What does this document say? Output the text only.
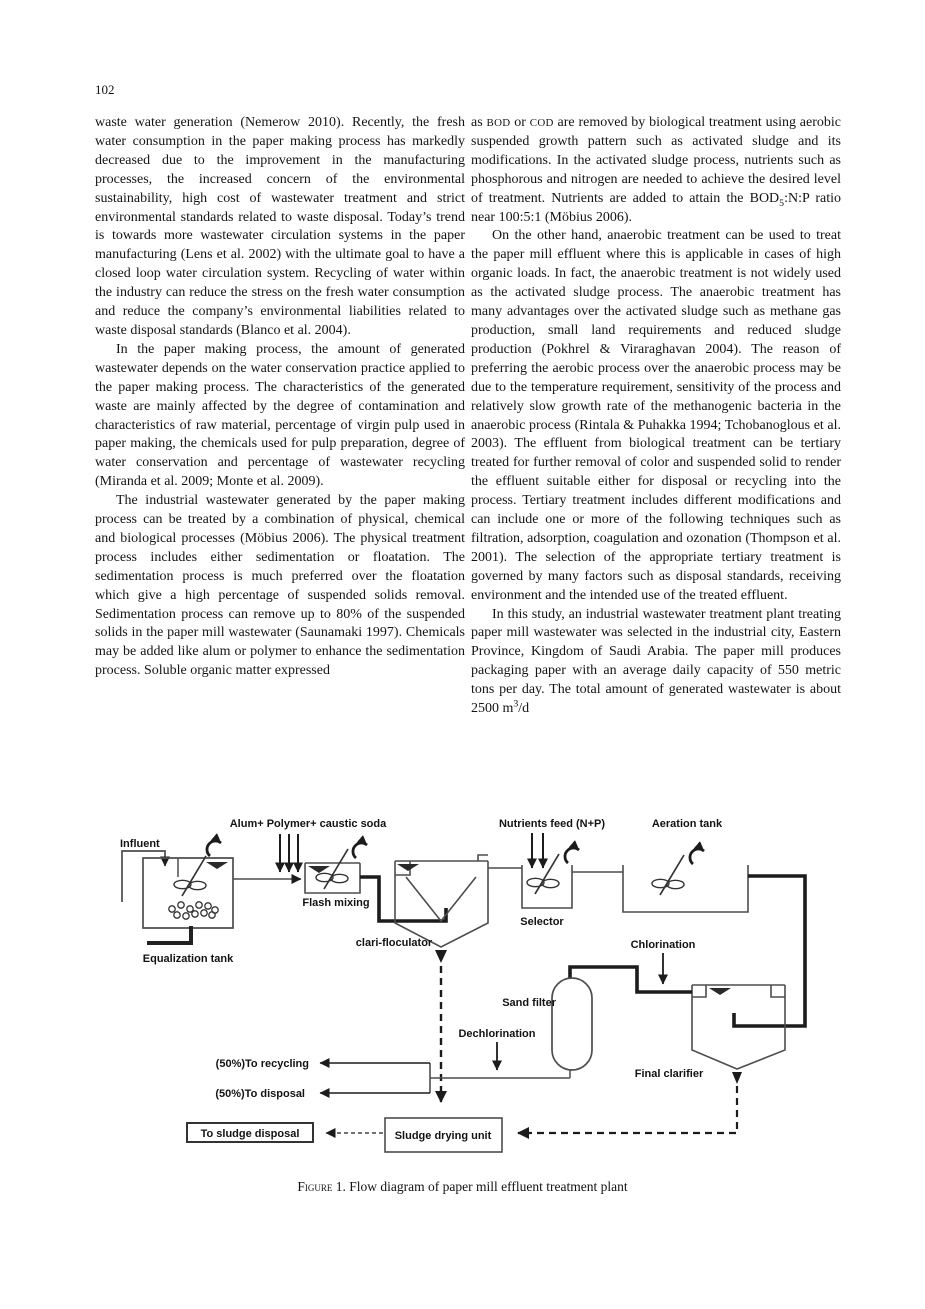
102

waste water generation (Nemerow 2010). Recently, the fresh water consumption in the paper making process has markedly decreased due to the improvement in the manufacturing processes, the increased concern of the environmental sustainability, high cost of wastewater treatment and strict environmental standards related to waste disposal. Today’s trend is towards more wastewater circulation systems in the paper manufacturing (Lens et al. 2002) with the ultimate goal to have a closed loop water circulation system. Recycling of water within the industry can reduce the stress on the fresh water consumption and reduce the company’s environmental liabilities related to waste disposal standards (Blanco et al. 2004).

In the paper making process, the amount of generated wastewater depends on the water conservation practice applied to the paper making process. The characteristics of the generated waste are mainly affected by the degree of contamination and characteristics of raw material, percentage of virgin pulp used in paper making, the chemicals used for pulp preparation, degree of water conservation and percentage of wastewater recycling (Miranda et al. 2009; Monte et al. 2009).

The industrial wastewater generated by the paper making process can be treated by a combination of physical, chemical and biological processes (Möbius 2006). The physical treatment process includes either sedimentation or floatation. The sedimentation process is much preferred over the floatation which give a high percentage of suspended solids removal. Sedimentation process can remove up to 80% of the suspended solids in the paper mill wastewater (Saunamaki 1997). Chemicals may be added like alum or polymer to enhance the sedimentation process. Soluble organic matter expressed

as BOD or COD are removed by biological treatment using aerobic suspended growth pattern such as activated sludge and its modifications. In the activated sludge process, nutrients such as phosphorous and nitrogen are needed to achieve the desired level of treatment. Nutrients are added to attain the $BOD_5:N:P$ ratio near 100:5:1 (Möbius 2006).

On the other hand, anaerobic treatment can be used to treat the paper mill effluent where this is applicable in cases of high organic loads. In fact, the anaerobic treatment is not widely used as the activated sludge process. The anaerobic treatment has many advantages over the activated sludge such as methane gas production, small land requirements and reduced sludge production (Pokhrel & Viraraghavan 2004). The reason of preferring the aerobic process over the anaerobic process may be due to the temperature requirement, sensitivity of the process and relatively slow growth rate of the methanogenic bacteria in the anaerobic process (Rintala & Puhakka 1994; Tchobanoglous et al. 2003). The effluent from biological treatment can be tertiary treated for further removal of color and suspended solid to render the effluent suitable either for disposal or recycling into the process. Tertiary treatment includes different modifications and can include one or more of the following techniques such as filtration, adsorption, coagulation and ozonation (Thompson et al. 2001). The selection of the appropriate tertiary treatment is governed by many factors such as disposal standards, receiving environment and the intended use of the treated effluent.

In this study, an industrial wastewater treatment plant treating paper mill wastewater was selected in the industrial city, Eastern Province, Kingdom of Saudi Arabia. The paper mill produces packaging paper with an average daily capacity of 550 metric tons per day. The total amount of generated wastewater is about 2500 $m^3/d$

Influent
Alum+ Polymer+ caustic soda
Flash mixing
clari-floculator
Equalization tank
Nutrients feed (N+P)
Selector
Aeration tank
Chlorination
Sand filter
Dechlorination
Final clarifier
(50%)To recycling
(50%)To disposal
Sludge drying unit
To sludge disposal
Figure 1. Flow diagram of paper mill effluent treatment plant
